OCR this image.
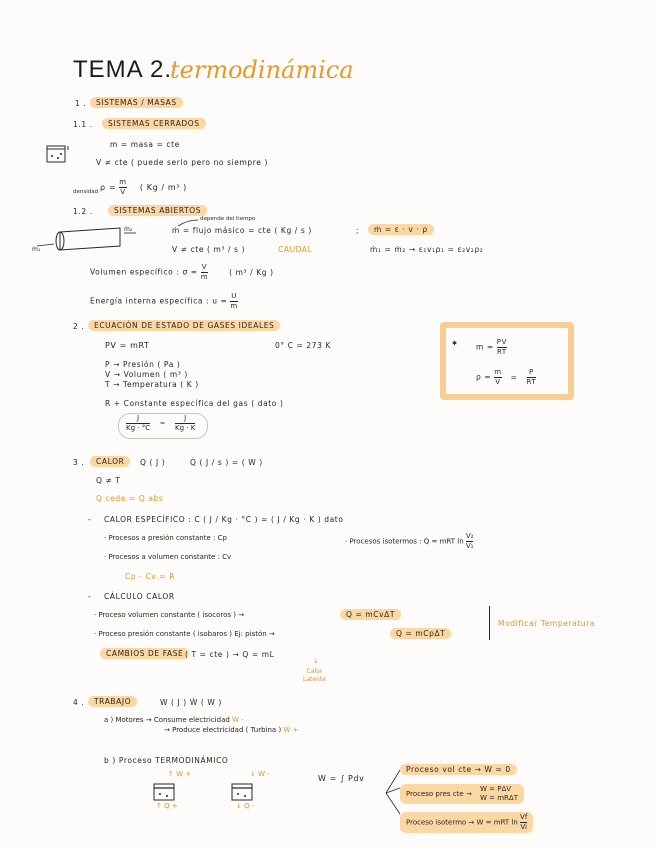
TEMA 2.
termodinámica
1 .	SISTEMAS / MASAS
1.1 .	SISTEMAS CERRADOS
m = masa = cte
V ≠ cte ( puede serlo pero no siempre )
$\rho = \frac{m}{V}$ ( Kg / m³ )
densidad
1.2 .	SISTEMAS ABIERTOS
depende del tiempo
ṁ₁
ṁ₂	ṁ = flujo másico = cte ( Kg / s )	;	ṁ = ε · v · ρ
V ≠ cte ( m³ / s )	CAUDAL	ṁ₁ = ṁ₂ → ε₁v₁ρ₁ = ε₂v₂ρ₂
Volumen específico : $\sigma = \frac{V}{m}$	( m³ / Kg )
Energía interna específica : $u = \frac{U}{m}$
2 .	ECUACIÓN DE ESTADO DE GASES IDEALES
PV = mRT	0° C = 273 K
P → Presión ( Pa )
V → Volumen ( m³ )
T → Temperatura ( K )
R + Constante específica del gas ( dato )
$\frac{J}{Kg \cdot ^\circ C} = \frac{J}{Kg \cdot K}$
✱	$m = \frac{PV}{RT}$
$\rho = \frac{m}{V} = \frac{P}{RT}$
3 .	CALOR	Q ( J )	Q̇ ( J / s ) = ( W )
Q ≠ T
Q cede = Q abs
- CALOR ESPECÍFICO : C ( J / Kg · °C ) = ( J / Kg · K ) dato
· Procesos a presión constante : Cp
· Procesos a volumen constante : Cv
· Procesos isotermos : Q = mRT $\ln \frac{\text{V₂}}{\text{V₁}}$
Cp - Cv = R
- CÁLCULO CALOR
· Proceso volumen constante ( isocoros ) →	Q = mCvΔT
· Proceso presión constante ( isobaros ) Ej: pistón →	Q = mCpΔT
Modificar Temperatura
CAMBIOS DE FASE ( T = cte ) → Q = mL
↓
Calor
Latente
4 .	TRABAJO	W ( J ) Ẇ ( W )
a ) Motores → Consume electricidad W -
→ Produce electricidad ( Turbina ) W +
b ) Proceso TERMODINÁMICO
↑ W +
↑ Q +
↓ W -
↓ Q -
W = ∫ Pdv
Proceso vol cte → W = 0
Proceso pres cte →
W = PΔV
W = mRΔT
Proceso isotermo → W = mRT $\ln \frac{Vf}{Vi}$
